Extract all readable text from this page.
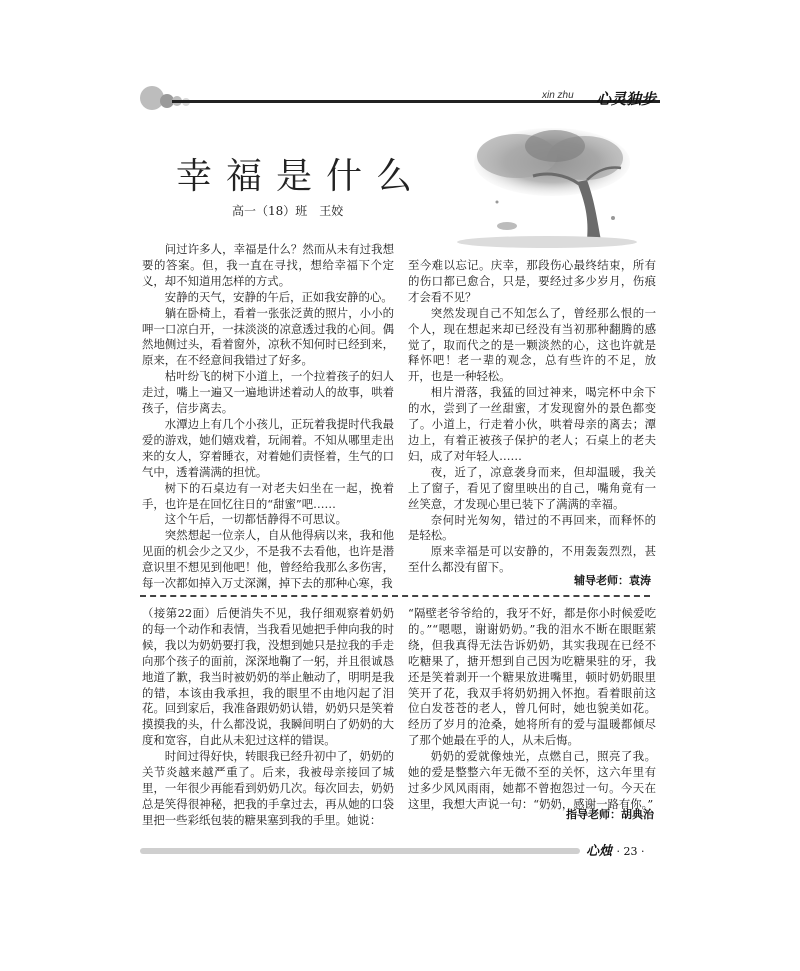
xin zhu 心灵独步
幸福是什么
高一（18）班　王姣

问过许多人，幸福是什么？然而从未有过我想要的答案。但，我一直在寻找，想给幸福下个定义，却不知道用怎样的方式。

安静的天气，安静的午后，正如我安静的心。

躺在卧椅上，看着一张张泛黄的照片，小小的呷一口凉白开，一抹淡淡的凉意透过我的心间。偶然地侧过头，看着窗外，凉秋不知何时已经到来，原来，在不经意间我错过了好多。

枯叶纷飞的树下小道上，一个拉着孩子的妇人走过，嘴上一遍又一遍地讲述着动人的故事，哄着孩子，信步离去。

水潭边上有几个小孩儿，正玩着我提时代我最爱的游戏，她们嬉戏着，玩闹着。不知从哪里走出来的女人，穿着睡衣，对着她们责怪着，生气的口气中，透着满满的担忧。

树下的石桌边有一对老夫妇坐在一起，挽着手，也许是在回忆往日的“甜蜜”吧……

这个午后，一切都恬静得不可思议。

突然想起一位亲人，自从他得病以来，我和他见面的机会少之又少，不是我不去看他，也许是潜意识里不想见到他吧！他，曾经给我那么多伤害，每一次都如掉入万丈深渊，掉下去的那种心寒，我

至今难以忘记。庆幸，那段伤心最终结束，所有的伤口都已愈合，只是，要经过多少岁月，伤痕才会看不见？

突然发现自己不知怎么了，曾经那么恨的一个人，现在想起来却已经没有当初那种翻腾的感觉了，取而代之的是一颗淡然的心，这也许就是释怀吧！老一辈的观念，总有些许的不足，放开，也是一种轻松。

相片滑落，我猛的回过神来，喝完杯中余下的水，尝到了一丝甜蜜，才发现窗外的景色都变了。小道上，行走着小伙，哄着母亲的离去；潭边上，有着正被孩子保护的老人；石桌上的老夫妇，成了对年轻人……

夜，近了，凉意袭身而来，但却温暖，我关上了窗子，看见了窗里映出的自己，嘴角竟有一丝笑意，才发现心里已装下了满满的幸福。

奈何时光匆匆，错过的不再回来，而释怀的是轻松。

原来幸福是可以安静的，不用轰轰烈烈，甚至什么都没有留下。

辅导老师：袁涛

（接第22面）后便消失不见，我仔细观察着奶奶的每一个动作和表情，当我看见她把手伸向我的时候，我以为奶奶要打我，没想到她只是拉我的手走向那个孩子的面前，深深地鞠了一躬，并且很诚恳地道了歉，我当时被奶奶的举止触动了，明明是我的错，本该由我承担，我的眼里不由地闪起了泪花。回到家后，我准备跟奶奶认错，奶奶只是笑着摸摸我的头，什么都没说，我瞬间明白了奶奶的大度和宽容，自此从未犯过这样的错误。

时间过得好快，转眼我已经升初中了，奶奶的关节炎越来越严重了。后来，我被母亲接回了城里，一年很少再能看到奶奶几次。每次回去，奶奶总是笑得很神秘，把我的手拿过去，再从她的口袋里把一些彩纸包装的糖果塞到我的手里。她说：

“隔壁老爷爷给的，我牙不好，都是你小时候爱吃的。”“嗯嗯，谢谢奶奶。”我的泪水不断在眼眶萦绕，但我真得无法告诉奶奶，其实我现在已经不吃糖果了，搪开想到自己因为吃糖果驻的牙，我还是笑着剥开一个糖果放进嘴里，顿时奶奶眼里笑开了花，我双手将奶奶拥入怀抱。看着眼前这位白发苍苍的老人，曾几何时，她也貌美如花。经历了岁月的沧桑，她将所有的爱与温暖都倾尽了那个她最在乎的人，从未后悔。

奶奶的爱就像烛光，点燃自己，照亮了我。她的爱是整整六年无微不至的关怀，这六年里有过多少风风雨雨，她都不曾抱怨过一句。今天在这里，我想大声说一句：“奶奶，感谢一路有你。”

指导老师：胡典治
心烛 · 23 ·
